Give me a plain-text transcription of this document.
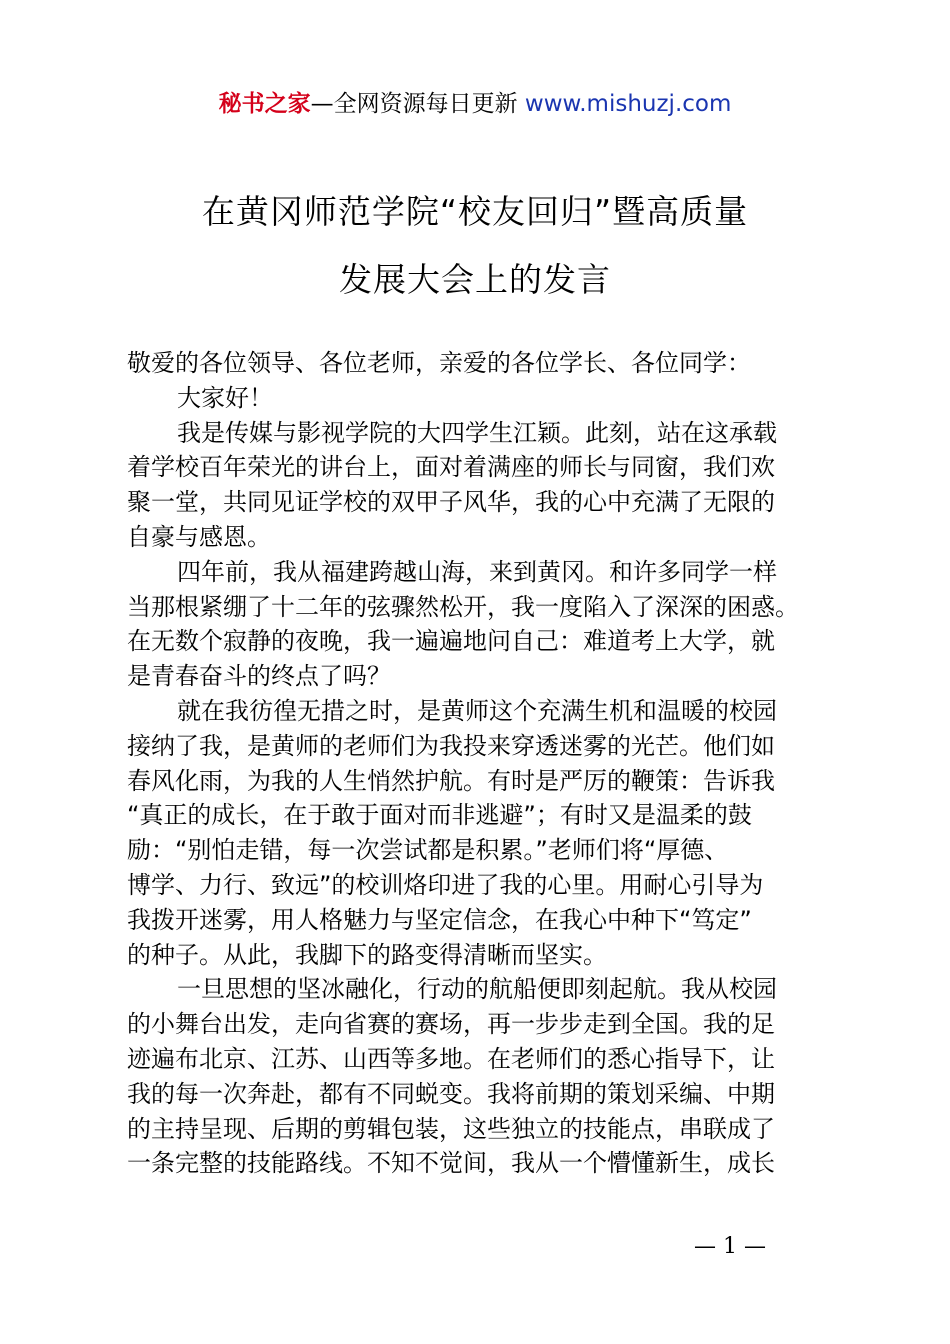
秘书之家—全网资源每日更新 www.mishuzj.com
在黄冈师范学院“校友回归”暨高质量
发展大会上的发言
敬爱的各位领导、各位老师，亲爱的各位学长、各位同学：
大家好！
我是传媒与影视学院的大四学生江颖。此刻，站在这承载
着学校百年荣光的讲台上，面对着满座的师长与同窗，我们欢
聚一堂，共同见证学校的双甲子风华，我的心中充满了无限的
自豪与感恩。
四年前，我从福建跨越山海，来到黄冈。和许多同学一样
当那根紧绷了十二年的弦骤然松开，我一度陷入了深深的困惑。
在无数个寂静的夜晚，我一遍遍地问自己：难道考上大学，就
是青春奋斗的终点了吗？
就在我彷徨无措之时，是黄师这个充满生机和温暖的校园
接纳了我，是黄师的老师们为我投来穿透迷雾的光芒。他们如
春风化雨，为我的人生悄然护航。有时是严厉的鞭策：告诉我
“真正的成长，在于敢于面对而非逃避”；有时又是温柔的鼓
励：“别怕走错，每一次尝试都是积累。”老师们将“厚德、
博学、力行、致远”的校训烙印进了我的心里。用耐心引导为
我拨开迷雾，用人格魅力与坚定信念，在我心中种下“笃定”
的种子。从此，我脚下的路变得清晰而坚实。
一旦思想的坚冰融化，行动的航船便即刻起航。我从校园
的小舞台出发，走向省赛的赛场，再一步步走到全国。我的足
迹遍布北京、江苏、山西等多地。在老师们的悉心指导下，让
我的每一次奔赴，都有不同蜕变。我将前期的策划采编、中期
的主持呈现、后期的剪辑包装，这些独立的技能点，串联成了
一条完整的技能路线。不知不觉间，我从一个懵懂新生，成长
— 1 —
